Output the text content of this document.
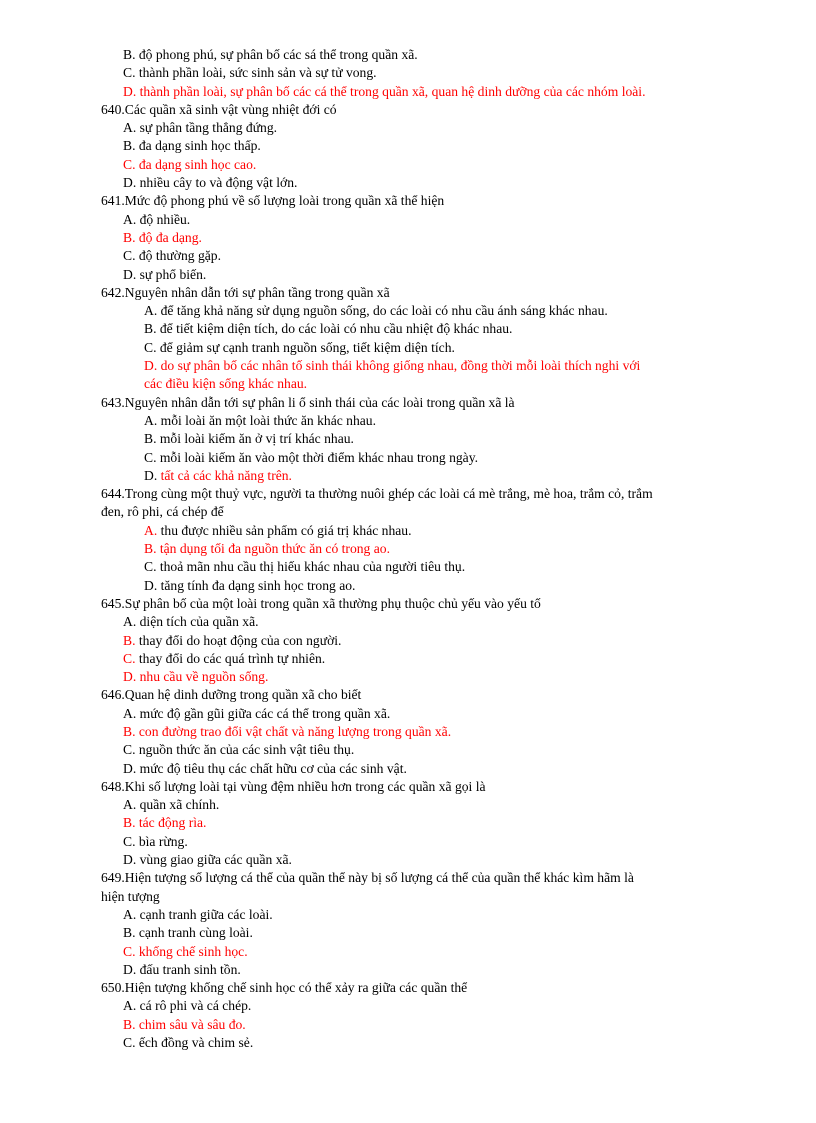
B. độ phong phú, sự phân bố các sá thể trong quần xã.
C. thành phần loài, sức sinh sản và sự tử vong.
D. thành phần loài, sự phân bố các cá thể trong quần xã, quan hệ dinh dưỡng của các nhóm loài.
640.Các quần xã sinh vật vùng nhiệt đới có
A. sự phân tầng thẳng đứng.
B. đa dạng sinh học thấp.
C. đa dạng sinh học cao.
D. nhiều cây to và động vật lớn.
641.Mức độ phong phú về số lượng loài trong quần xã thể hiện
A. độ nhiều.
B. độ đa dạng.
C. độ thường gặp.
D. sự phổ biến.
642.Nguyên nhân dẫn tới sự phân tầng trong quần xã
A. để tăng khả năng sử dụng nguồn sống, do các loài có nhu cầu ánh sáng khác nhau.
B. để tiết kiệm diện tích, do các loài có nhu cầu nhiệt độ khác nhau.
C. để giảm sự cạnh tranh nguồn sống, tiết kiệm diện tích.
D. do sự phân bố các nhân tố sinh thái không giống nhau, đồng thời mỗi loài thích nghi với
các điều kiện sống khác nhau.
643.Nguyên nhân dẫn tới sự phân li ổ sinh thái của các loài trong quần xã là
A. mỗi loài ăn một loài thức ăn khác nhau.
B. mỗi loài kiếm ăn ở vị trí khác nhau.
C. mỗi loài kiếm ăn vào một thời điểm khác nhau trong ngày.
D. tất cả các khả năng trên.
644.Trong cùng một thuỷ vực, người ta thường nuôi ghép các loài cá mè trắng, mè hoa, trắm cỏ, trắm
đen, rô phi, cá chép để
A. thu được nhiều sản phẩm có giá trị khác nhau.
B. tận dụng tối đa nguồn thức ăn có trong ao.
C. thoả mãn nhu cầu thị hiếu khác nhau của người tiêu thụ.
D. tăng tính đa dạng sinh học trong ao.
645.Sự phân bố của một loài trong quần xã thường phụ thuộc chủ yếu vào yếu tố
A. diện tích của quần xã.
B. thay đổi do hoạt động của con người.
C. thay đổi do các quá trình tự nhiên.
D. nhu cầu về nguồn sống.
646.Quan hệ dinh dưỡng trong quần xã cho biết
A. mức độ gần gũi giữa các cá thể trong quần xã.
B. con đường trao đổi vật chất và năng lượng trong quần xã.
C. nguồn thức ăn của các sinh vật tiêu thụ.
D. mức độ tiêu thụ các chất hữu cơ của các sinh vật.
648.Khi số lượng loài tại vùng đệm nhiều hơn trong các quần xã gọi là
A. quần xã chính.
B. tác động rìa.
C. bìa rừng.
D. vùng giao giữa các quần xã.
649.Hiện tượng số lượng cá thể của quần thể này bị số lượng cá thể của quần thể khác kìm hãm là
hiện tượng
A. cạnh tranh giữa các loài.
B. cạnh tranh cùng loài.
C. khống chế sinh học.
D. đấu tranh sinh tồn.
650.Hiện tượng khống chế sinh học có thể xảy ra giữa các quần thể
A. cá rô phi và cá chép.
B. chim sâu và sâu đo.
C. ếch đồng và chim sẻ.
